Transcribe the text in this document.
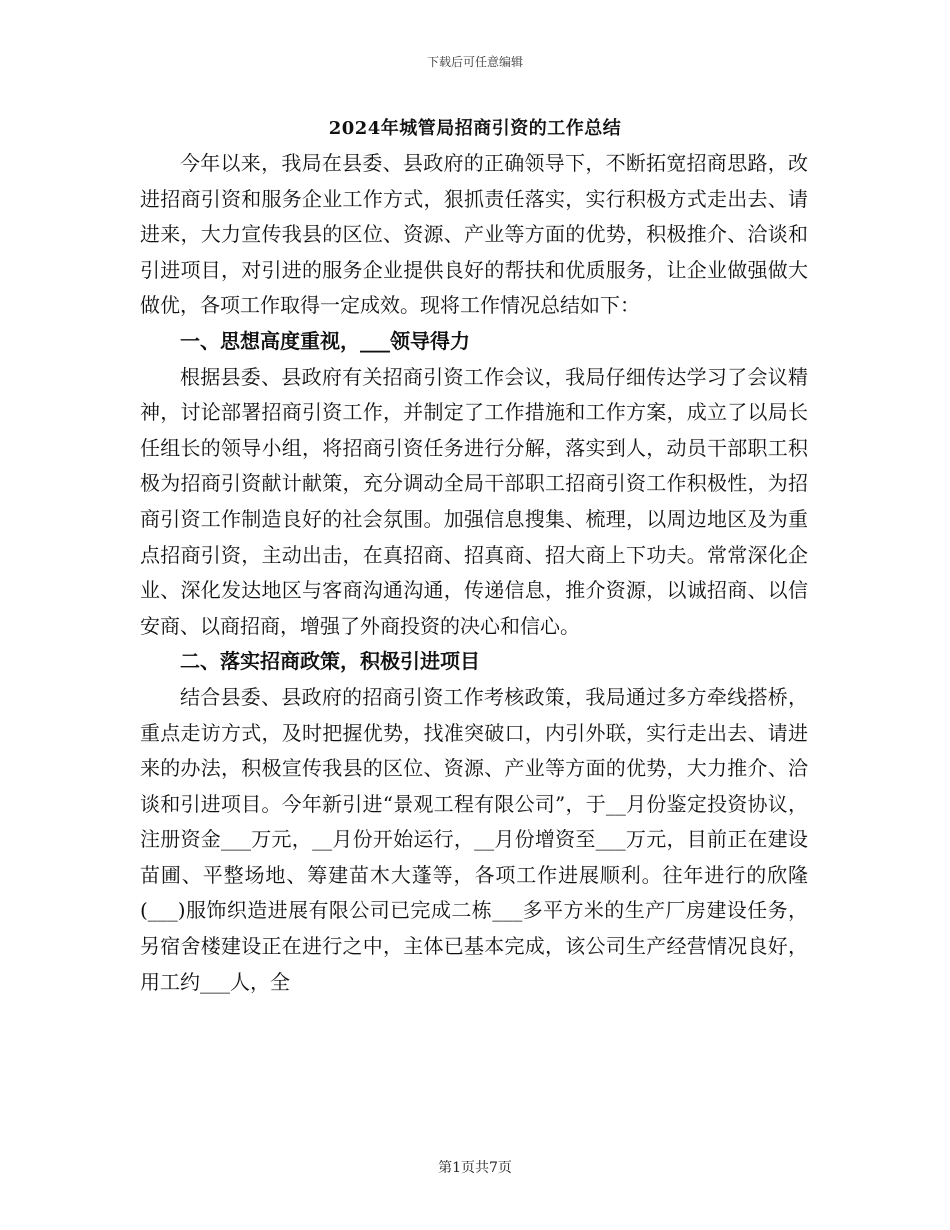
下载后可任意编辑
2024年城管局招商引资的工作总结

今年以来，我局在县委、县政府的正确领导下，不断拓宽招商思路，改进招商引资和服务企业工作方式，狠抓责任落实，实行积极方式走出去、请进来，大力宣传我县的区位、资源、产业等方面的优势，积极推介、洽谈和引进项目，对引进的服务企业提供良好的帮扶和优质服务，让企业做强做大做优，各项工作取得一定成效。现将工作情况总结如下：

一、思想高度重视，___领导得力

根据县委、县政府有关招商引资工作会议，我局仔细传达学习了会议精神，讨论部署招商引资工作，并制定了工作措施和工作方案，成立了以局长任组长的领导小组，将招商引资任务进行分解，落实到人，动员干部职工积极为招商引资献计献策，充分调动全局干部职工招商引资工作积极性，为招商引资工作制造良好的社会氛围。加强信息搜集、梳理，以周边地区及为重点招商引资，主动出击，在真招商、招真商、招大商上下功夫。常常深化企业、深化发达地区与客商沟通沟通，传递信息，推介资源，以诚招商、以信安商、以商招商，增强了外商投资的决心和信心。

二、落实招商政策，积极引进项目

结合县委、县政府的招商引资工作考核政策，我局通过多方牵线搭桥，重点走访方式，及时把握优势，找准突破口，内引外联，实行走出去、请进来的办法，积极宣传我县的区位、资源、产业等方面的优势，大力推介、洽谈和引进项目。今年新引进“景观工程有限公司”，于__月份鉴定投资协议，注册资金___万元，__月份开始运行，__月份增资至___万元，目前正在建设苗圃、平整场地、筹建苗木大蓬等，各项工作进展顺利。往年进行的欣隆(___)服饰织造进展有限公司已完成二栋___多平方米的生产厂房建设任务，另宿舍楼建设正在进行之中，主体已基本完成，该公司生产经营情况良好，用工约___人，全

第1页共7页
